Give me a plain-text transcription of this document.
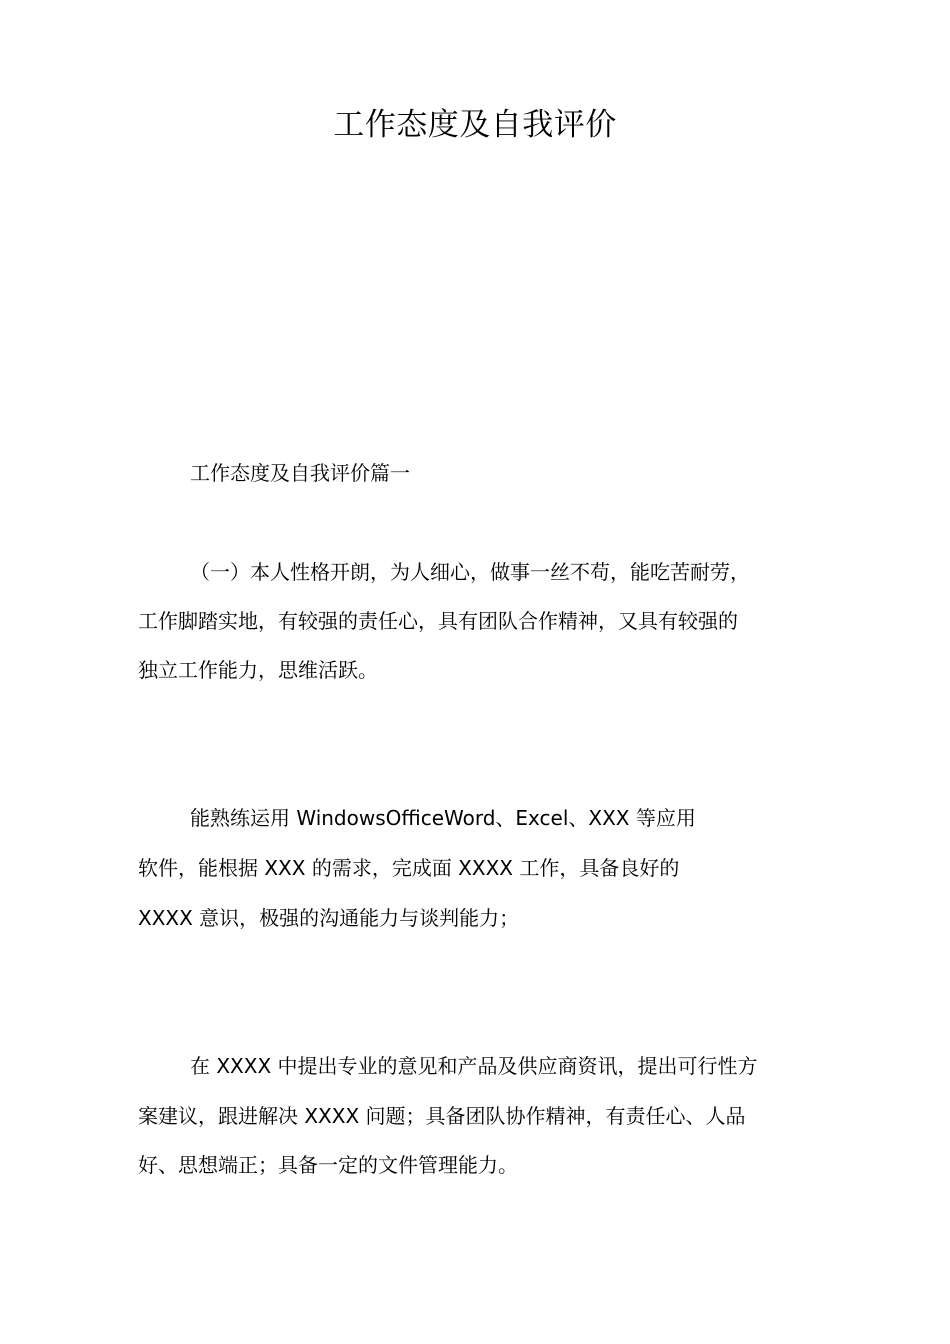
工作态度及自我评价
工作态度及自我评价篇一
（一）本人性格开朗，为人细心，做事一丝不苟，能吃苦耐劳，
工作脚踏实地，有较强的责任心，具有团队合作精神，又具有较强的
独立工作能力，思维活跃。
能熟练运用 WindowsOfficeWord、Excel、XXX 等应用
软件，能根据 XXX 的需求，完成面 XXXX 工作，具备良好的
XXXX 意识，极强的沟通能力与谈判能力；
在 XXXX 中提出专业的意见和产品及供应商资讯，提出可行性方
案建议，跟进解决 XXXX 问题；具备团队协作精神，有责任心、人品
好、思想端正；具备一定的文件管理能力。
